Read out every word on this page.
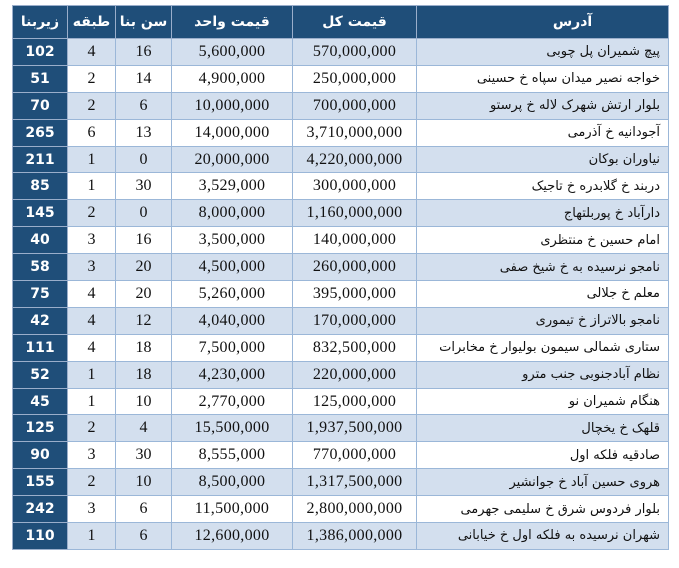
زیربنا	طبقه	سن بنا	قیمت واحد	قیمت کل	آدرس
102	4	16	5,600,000	570,000,000	پیچ شمیران پل چوبی
51	2	14	4,900,000	250,000,000	خواجه نصیر میدان سپاه خ حسینی
70	2	6	10,000,000	700,000,000	بلوار ارتش شهرک لاله خ پرستو
265	6	13	14,000,000	3,710,000,000	آجودانیه خ آذرمی
211	1	0	20,000,000	4,220,000,000	نیاوران بوکان
85	1	30	3,529,000	300,000,000	دربند خ گلابدره خ تاجیک
145	2	0	8,000,000	1,160,000,000	دارآباد خ پوربلتهاج
40	3	16	3,500,000	140,000,000	امام حسین خ منتظری
58	3	20	4,500,000	260,000,000	نامجو نرسیده به خ شیخ صفی
75	4	20	5,260,000	395,000,000	معلم خ جلالی
42	4	12	4,040,000	170,000,000	نامجو بالاتراز خ تیموری
111	4	18	7,500,000	832,500,000	ستاری شمالی سیمون بولیوار خ مخابرات
52	1	18	4,230,000	220,000,000	نظام آبادجنوبی جنب مترو
45	1	10	2,770,000	125,000,000	هنگام شمیران نو
125	2	4	15,500,000	1,937,500,000	قلهک خ یخچال
90	3	30	8,555,000	770,000,000	صادقیه فلکه اول
155	2	10	8,500,000	1,317,500,000	هروی حسین آباد خ جوانشیر
242	3	6	11,500,000	2,800,000,000	بلوار فردوس شرق خ سلیمی جهرمی
110	1	6	12,600,000	1,386,000,000	شهران نرسیده به فلکه اول خ خیابانی
